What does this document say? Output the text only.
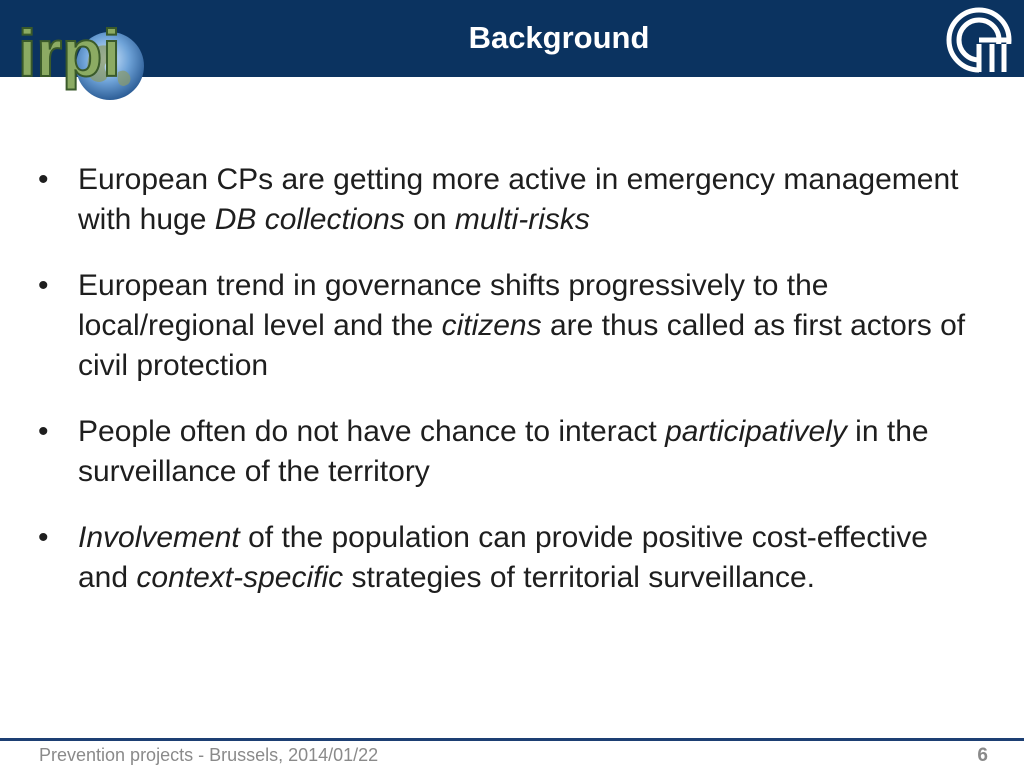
irpi	Background
• European CPs are getting more active in emergency management with huge DB collections on multi-risks
• European trend in governance shifts progressively to the local/regional level and the citizens are thus called as first actors of civil protection
• People often do not have chance to interact participatively in the surveillance of the territory
• Involvement of the population can provide positive cost-effective and context-specific strategies of territorial surveillance.
Prevention projects - Brussels, 2014/01/22	6
